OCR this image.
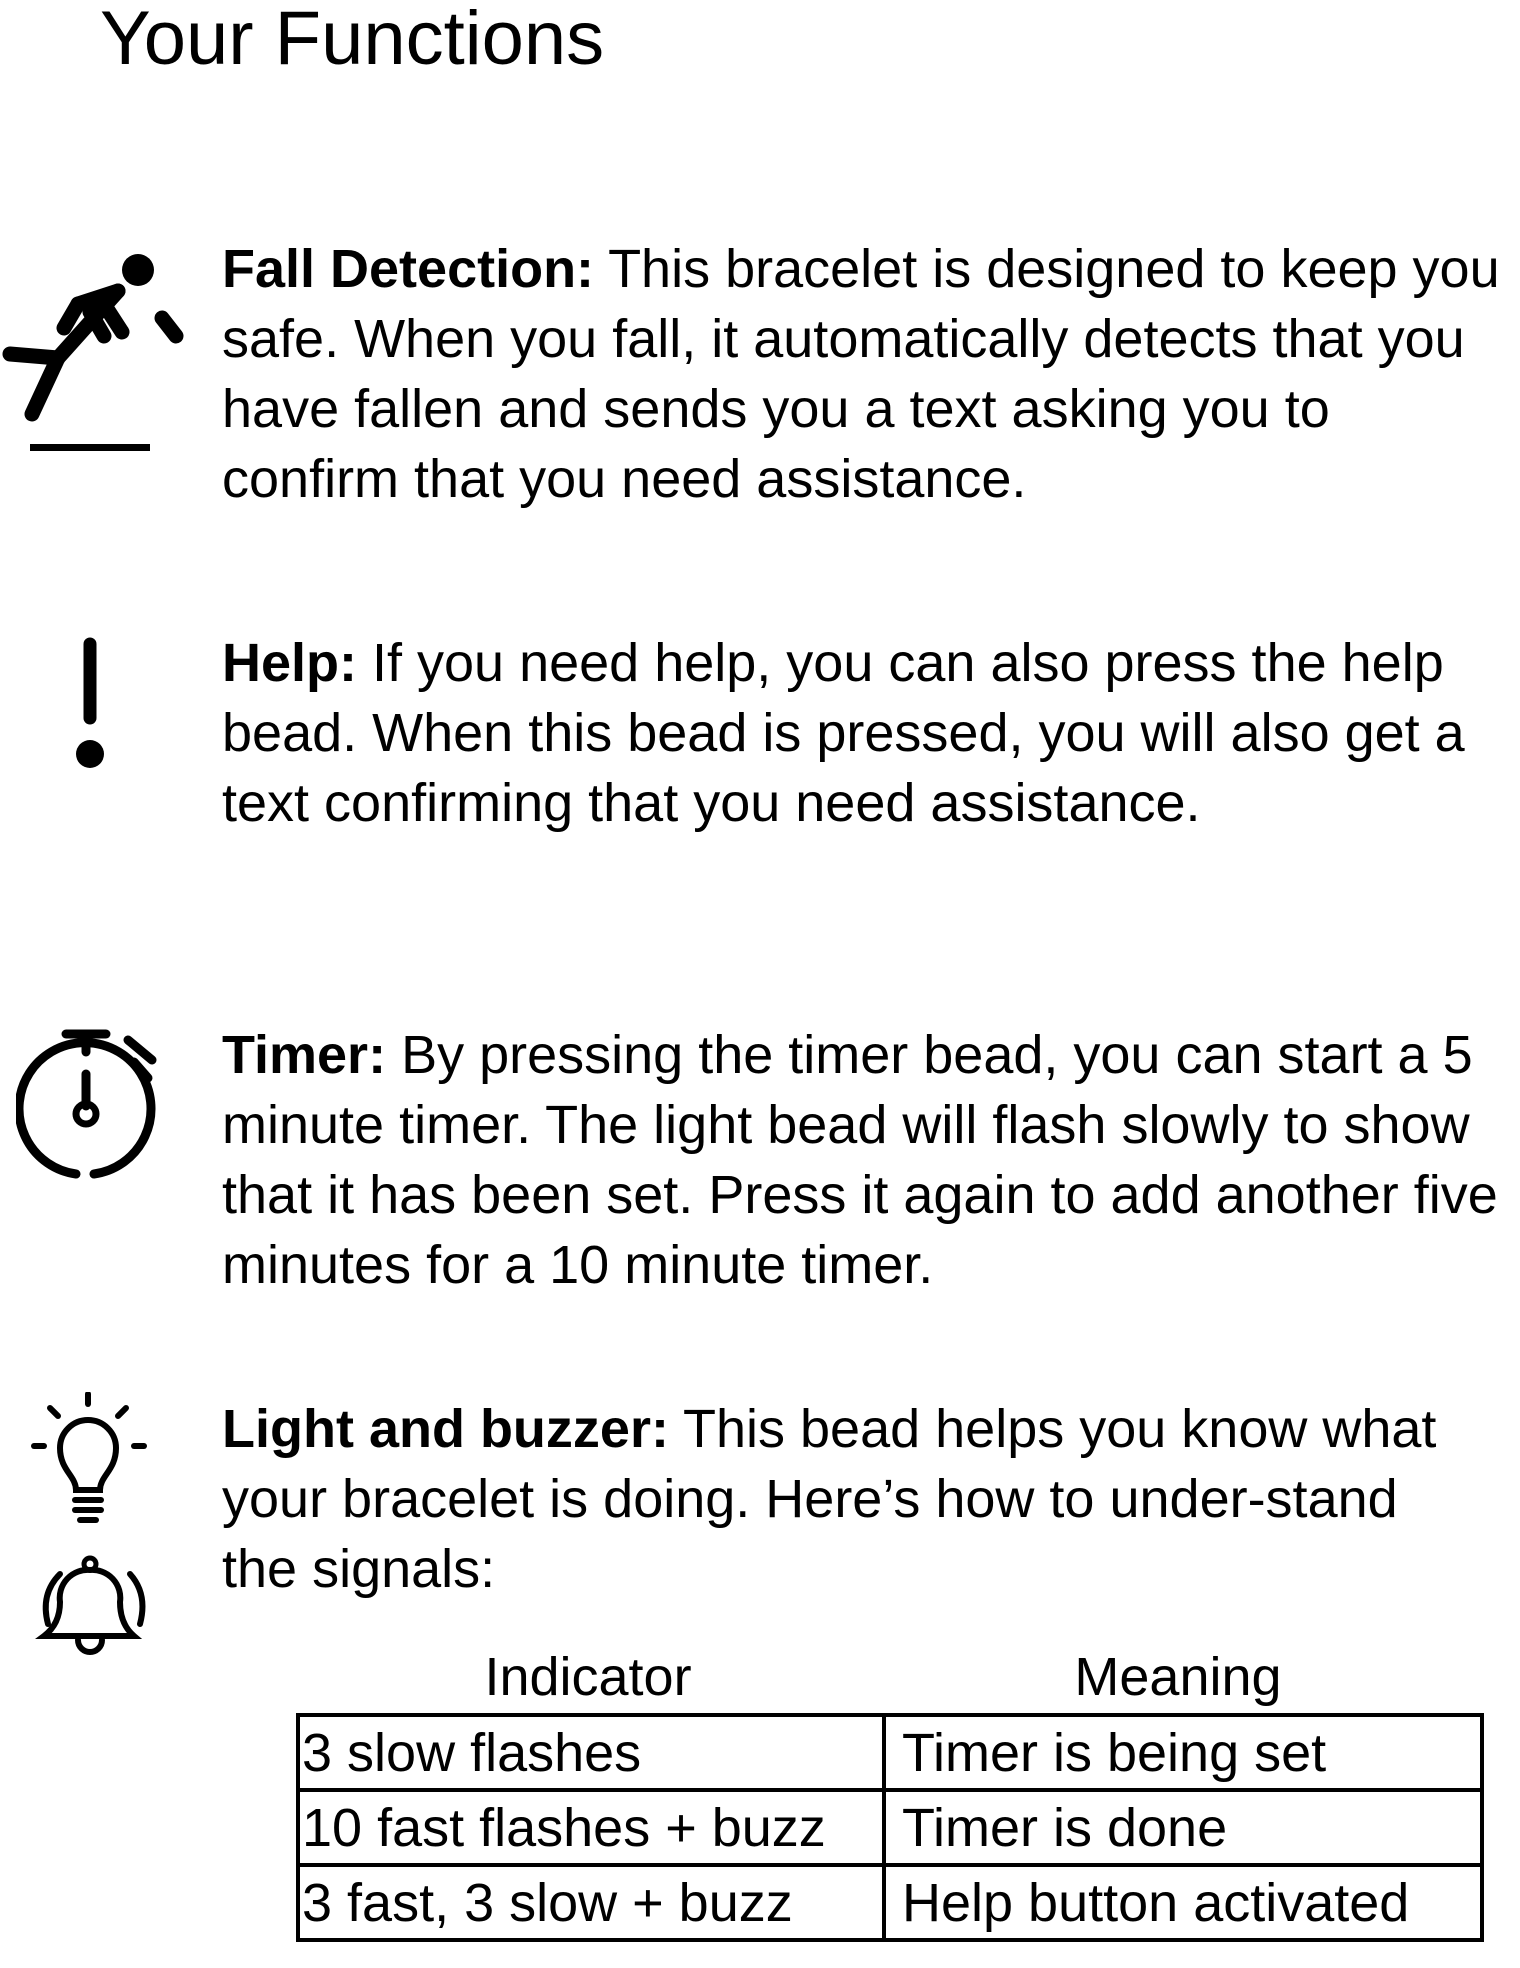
Your Functions

Fall Detection: This bracelet is designed to keep you safe. When you fall, it automatically detects that you have fallen and sends you a text asking you to confirm that you need assistance.

Help: If you need help, you can also press the help bead. When this bead is pressed, you will also get a text confirming that you need assistance.

Timer: By pressing the timer bead, you can start a 5 minute timer. The light bead will flash slowly to show that it has been set. Press it again to add another five minutes for a 10 minute timer.

Light and buzzer: This bead helps you know what your bracelet is doing. Here’s how to under-stand the signals:

Indicator	Meaning
3 slow flashes	Timer is being set
10 fast flashes + buzz	Timer is done
3 fast, 3 slow + buzz	Help button activated
